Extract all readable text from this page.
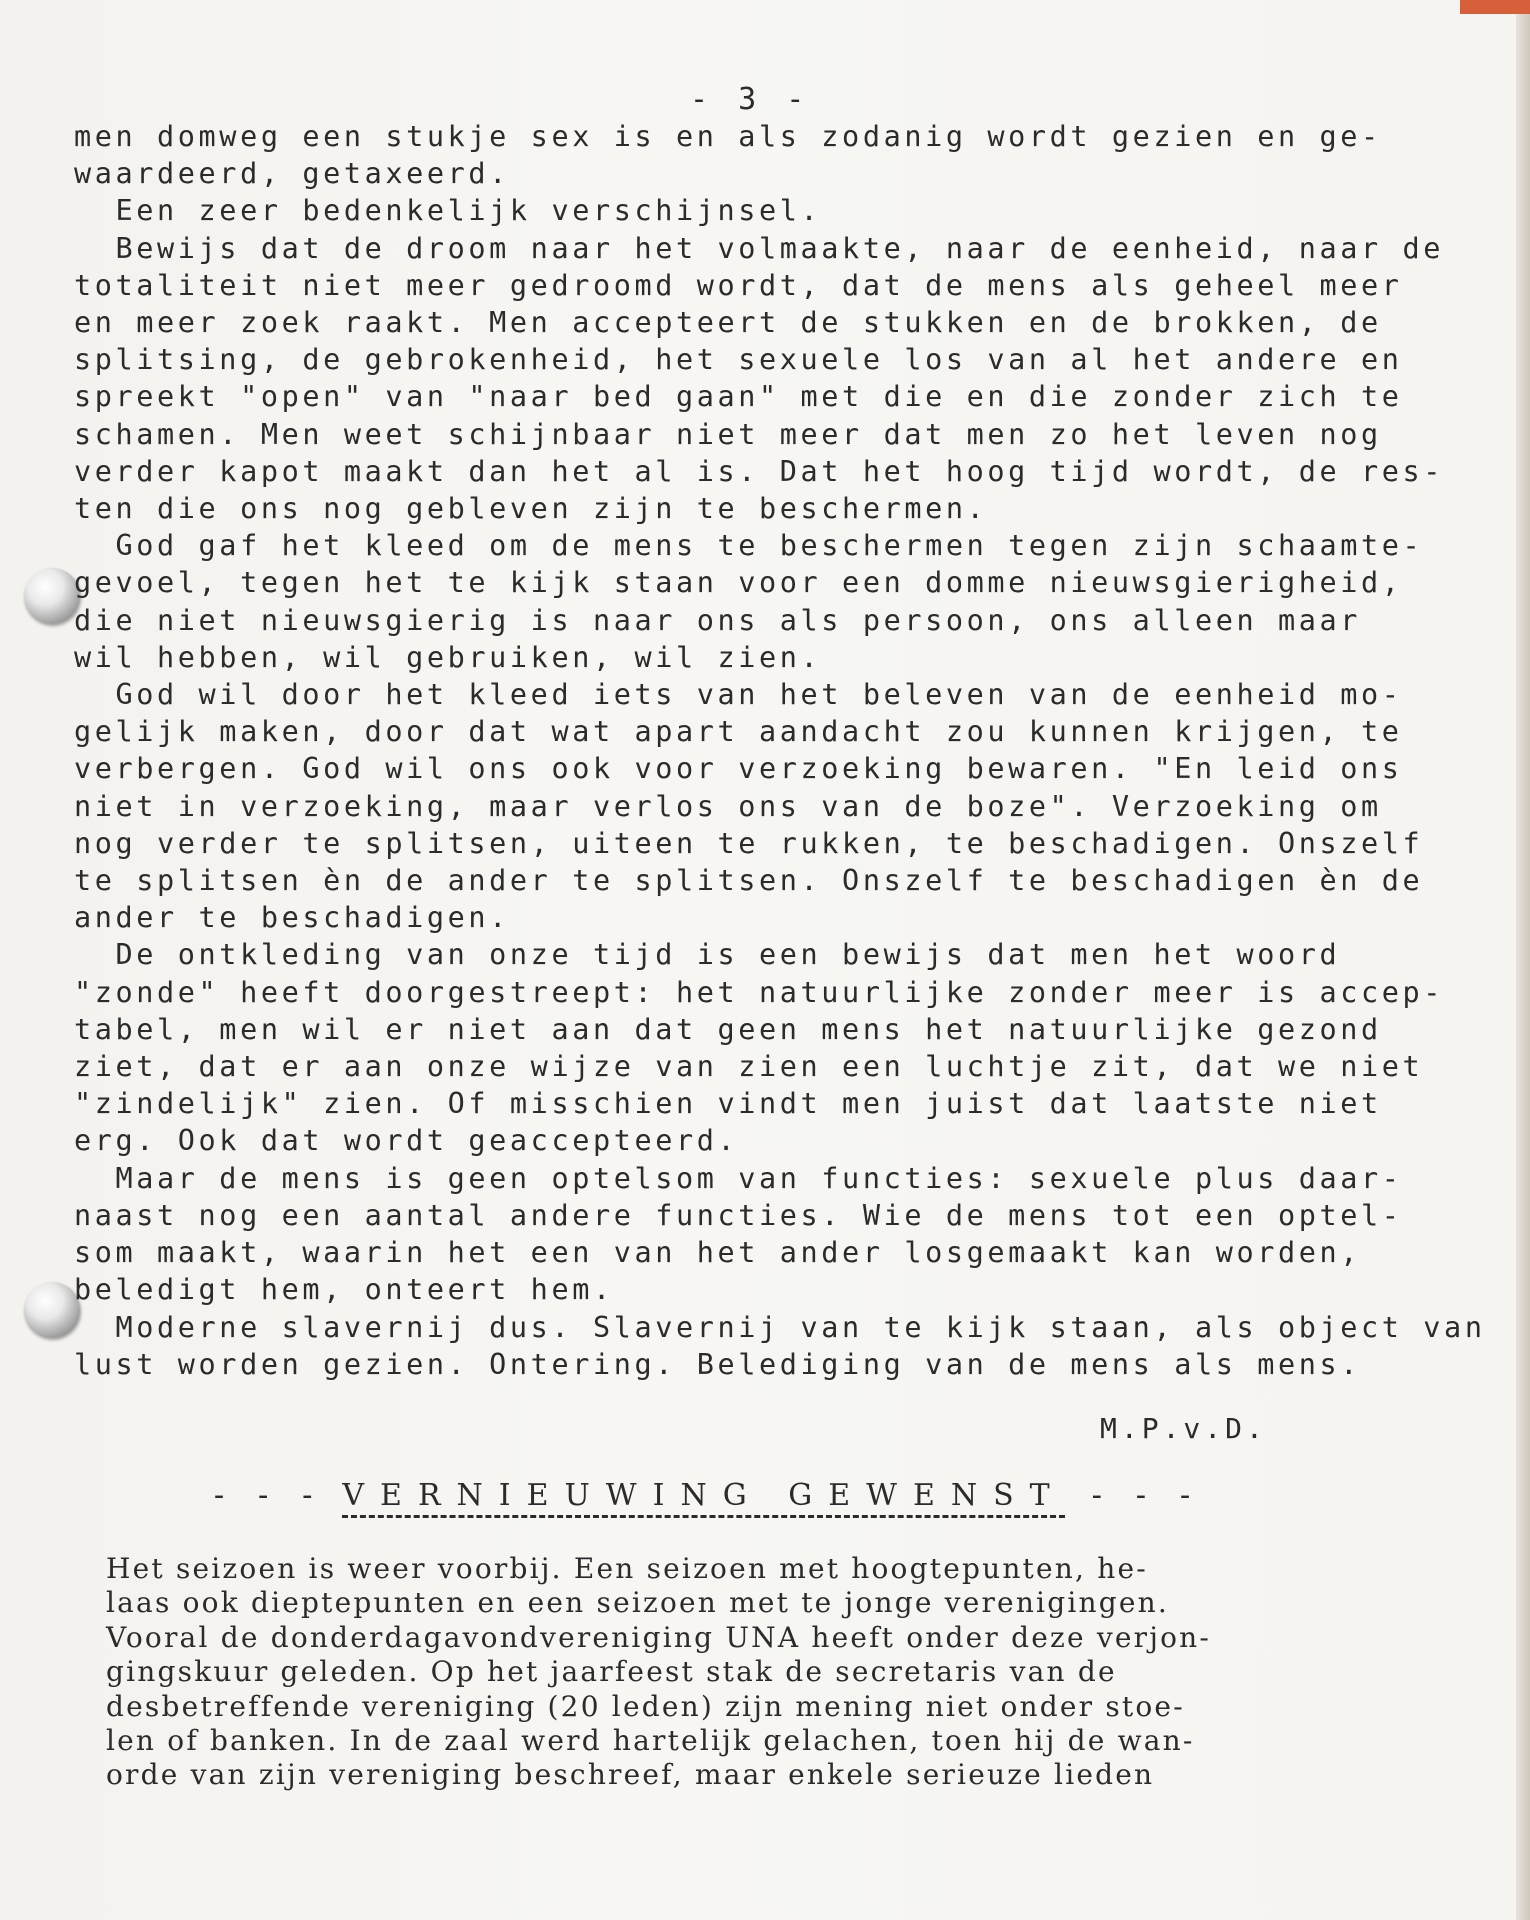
- 3 -
men domweg een stukje sex is en als zodanig wordt gezien en ge-
waardeerd, getaxeerd.
Een zeer bedenkelijk verschijnsel.
Bewijs dat de droom naar het volmaakte, naar de eenheid, naar de
totaliteit niet meer gedroomd wordt, dat de mens als geheel meer
en meer zoek raakt. Men accepteert de stukken en de brokken, de
splitsing, de gebrokenheid, het sexuele los van al het andere en
spreekt "open" van "naar bed gaan" met die en die zonder zich te
schamen. Men weet schijnbaar niet meer dat men zo het leven nog
verder kapot maakt dan het al is. Dat het hoog tijd wordt, de res-
ten die ons nog gebleven zijn te beschermen.
God gaf het kleed om de mens te beschermen tegen zijn schaamte-
gevoel, tegen het te kijk staan voor een domme nieuwsgierigheid,
die niet nieuwsgierig is naar ons als persoon, ons alleen maar
wil hebben, wil gebruiken, wil zien.
God wil door het kleed iets van het beleven van de eenheid mo-
gelijk maken, door dat wat apart aandacht zou kunnen krijgen, te
verbergen. God wil ons ook voor verzoeking bewaren. "En leid ons
niet in verzoeking, maar verlos ons van de boze". Verzoeking om
nog verder te splitsen, uiteen te rukken, te beschadigen. Onszelf
te splitsen èn de ander te splitsen. Onszelf te beschadigen èn de
ander te beschadigen.
De ontkleding van onze tijd is een bewijs dat men het woord
"zonde" heeft doorgestreept: het natuurlijke zonder meer is accep-
tabel, men wil er niet aan dat geen mens het natuurlijke gezond
ziet, dat er aan onze wijze van zien een luchtje zit, dat we niet
"zindelijk" zien. Of misschien vindt men juist dat laatste niet
erg. Ook dat wordt geaccepteerd.
Maar de mens is geen optelsom van functies: sexuele plus daar-
naast nog een aantal andere functies. Wie de mens tot een optel-
som maakt, waarin het een van het ander losgemaakt kan worden,
beledigt hem, onteert hem.
Moderne slavernij dus. Slavernij van te kijk staan, als object van
lust worden gezien. Ontering. Belediging van de mens als mens.
M.P.v.D.
- - - VERNIEUWING GEWENST - - -
Het seizoen is weer voorbij. Een seizoen met hoogtepunten, he-
laas ook dieptepunten en een seizoen met te jonge verenigingen.
Vooral de donderdagavondvereniging UNA heeft onder deze verjon-
gingskuur geleden. Op het jaarfeest stak de secretaris van de
desbetreffende vereniging (20 leden) zijn mening niet onder stoe-
len of banken. In de zaal werd hartelijk gelachen, toen hij de wan-
orde van zijn vereniging beschreef, maar enkele serieuze lieden
